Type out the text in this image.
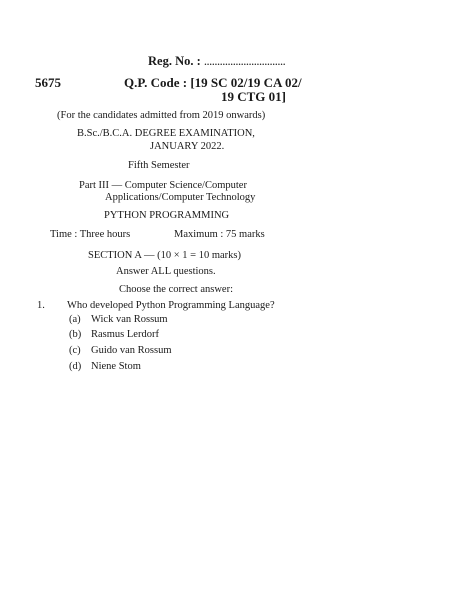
Reg. No. : ...............................
5675	Q.P. Code : [19 SC 02/19 CA 02/
19 CTG 01]
(For the candidates admitted from 2019 onwards)
B.Sc./B.C.A. DEGREE EXAMINATION,
JANUARY 2022.
Fifth Semester
Part III — Computer Science/Computer
Applications/Computer Technology
PYTHON PROGRAMMING
Time : Three hours	Maximum : 75 marks
SECTION A — (10 × 1 = 10 marks)
Answer ALL questions.
Choose the correct answer:
1. Who developed Python Programming Language?
(a) Wick van Rossum
(b) Rasmus Lerdorf
(c) Guido van Rossum
(d) Niene Stom
